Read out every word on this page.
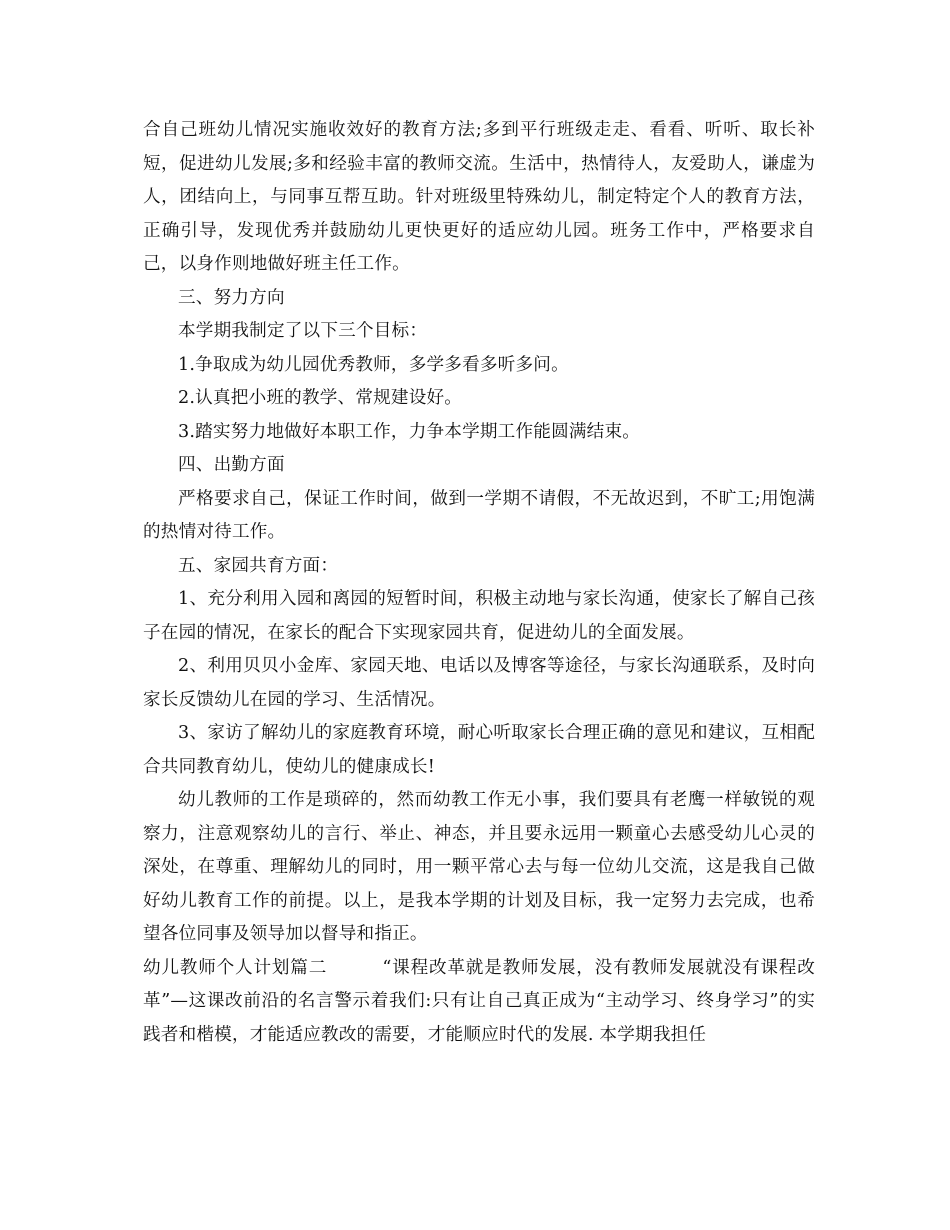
合自己班幼儿情况实施收效好的教育方法;多到平行班级走走、看看、听听、取长补短，促进幼儿发展;多和经验丰富的教师交流。生活中，热情待人，友爱助人，谦虚为人，团结向上，与同事互帮互助。针对班级里特殊幼儿，制定特定个人的教育方法，正确引导，发现优秀并鼓励幼儿更快更好的适应幼儿园。班务工作中，严格要求自己，以身作则地做好班主任工作。

三、努力方向

本学期我制定了以下三个目标：

1.争取成为幼儿园优秀教师，多学多看多听多问。

2.认真把小班的教学、常规建设好。

3.踏实努力地做好本职工作，力争本学期工作能圆满结束。

四、出勤方面

严格要求自己，保证工作时间，做到一学期不请假，不无故迟到，不旷工;用饱满的热情对待工作。

五、家园共育方面：

1、充分利用入园和离园的短暂时间，积极主动地与家长沟通，使家长了解自己孩子在园的情况，在家长的配合下实现家园共育，促进幼儿的全面发展。

2、利用贝贝小金库、家园天地、电话以及博客等途径，与家长沟通联系，及时向家长反馈幼儿在园的学习、生活情况。

3、家访了解幼儿的家庭教育环境，耐心听取家长合理正确的意见和建议，互相配合共同教育幼儿，使幼儿的健康成长!

幼儿教师的工作是琐碎的，然而幼教工作无小事，我们要具有老鹰一样敏锐的观察力，注意观察幼儿的言行、举止、神态，并且要永远用一颗童心去感受幼儿心灵的深处，在尊重、理解幼儿的同时，用一颗平常心去与每一位幼儿交流，这是我自己做好幼儿教育工作的前提。以上，是我本学期的计划及目标，我一定努力去完成，也希望各位同事及领导加以督导和指正。

幼儿教师个人计划篇二　　　“课程改革就是教师发展，没有教师发展就没有课程改革”—这课改前沿的名言警示着我们:只有让自己真正成为“主动学习、终身学习”的实践者和楷模，才能适应教改的需要，才能顺应时代的发展. 本学期我担任
